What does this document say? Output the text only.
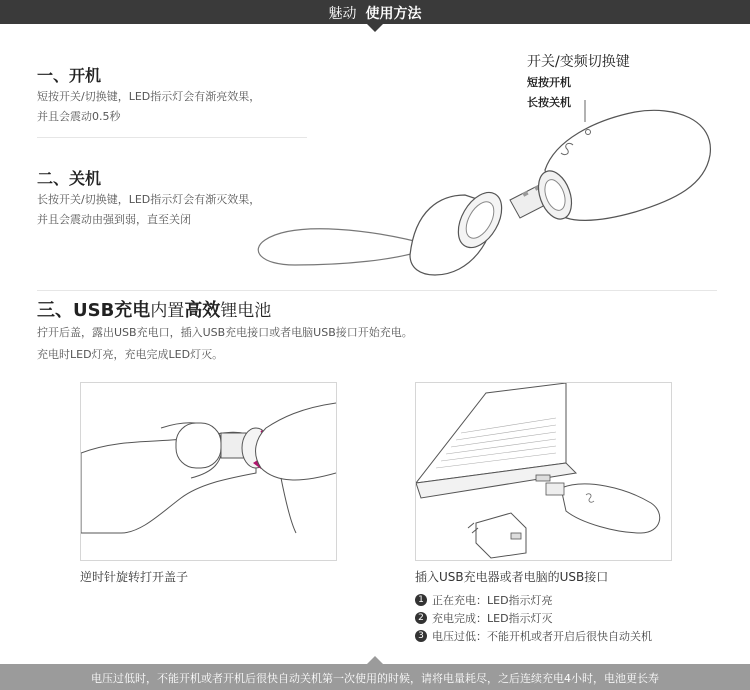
魅动 使用方法
一、开机
短按开关/切换键，LED指示灯会有渐亮效果，
并且会震动0.5秒
二、关机
长按开关/切换键，LED指示灯会有渐灭效果，
并且会震动由强到弱，直至关闭
开关/变频切换键
短按开机
长按关机
三、USB充电内置高效锂电池
拧开后盖，露出USB充电口，插入USB充电接口或者电脑USB接口开始充电。
充电时LED灯亮，充电完成LED灯灭。
逆时针旋转打开盖子	插入USB充电器或者电脑的USB接口
1 正在充电：LED指示灯亮
2 充电完成：LED指示灯灭
3 电压过低：不能开机或者开启后很快自动关机
电压过低时，不能开机或者开机后很快自动关机第一次使用的时候，请将电量耗尽，之后连续充电4小时，电池更长寿
